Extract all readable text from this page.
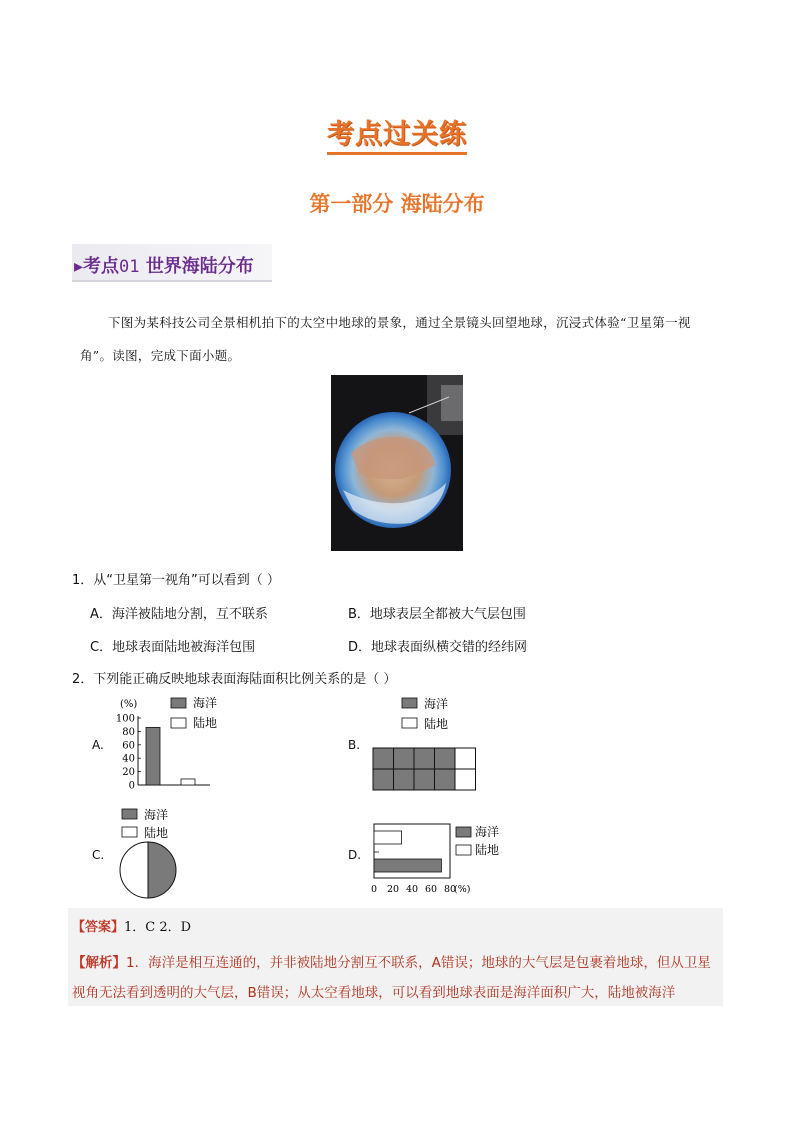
考点过关练
第一部分 海陆分布
▸考点01 世界海陆分布
下图为某科技公司全景相机拍下的太空中地球的景象，通过全景镜头回望地球，沉浸式体验“卫星第一视角”。读图，完成下面小题。
1．从“卫星第一视角”可以看到（ ）
A．海洋被陆地分割，互不联系	B．地球表层全都被大气层包围
C．地球表面陆地被海洋包围	D．地球表面纵横交错的经纬网
2．下列能正确反映地球表面海陆面积比例关系的是（ ）
A.
(%)
100
80
60
40
20
0
海洋
陆地
B.
海洋
陆地
C.
海洋
陆地
D.
0 20 40 60 80
(%)
海洋
陆地
【答案】1．C 2．D
【解析】1．海洋是相互连通的，并非被陆地分割互不联系，A错误；地球的大气层是包裹着地球，但从卫星视角无法看到透明的大气层，B错误；从太空看地球，可以看到地球表面是海洋面积广大，陆地被海洋
